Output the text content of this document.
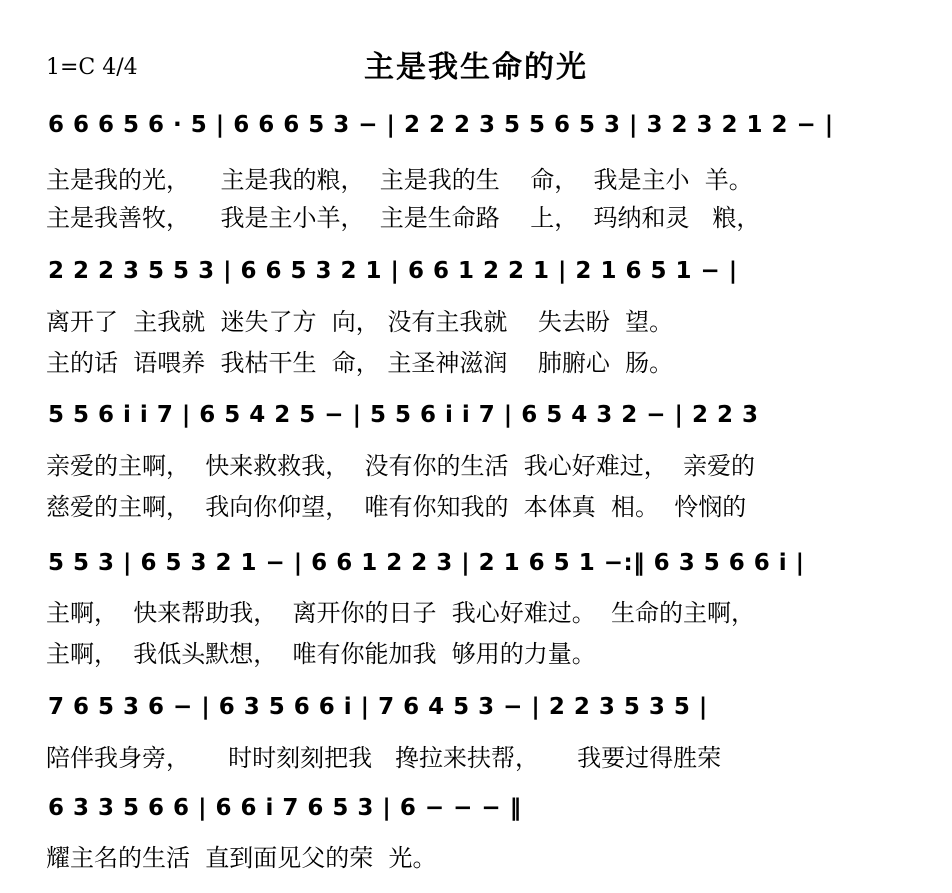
1=C 4/4	主是我生命的光
6 6 6 5 6 · 5 | 6 6 6 5 3 − | 2 2 2 3 5 5 6 5 3 | 3 2 3 2 1 2 − |
主是我的光，    主是我的粮，  主是我的生    命，  我是主小  羊。
主是我善牧，    我是主小羊，  主是生命路    上，  玛纳和灵   粮，
2 2 2 3 5 5 3 | 6 6 5 3 2 1 | 6 6 1 2 2 1 | 2 1 6 5 1 − |
离开了  主我就  迷失了方  向， 没有主我就    失去盼  望。
主的话  语喂养  我枯干生  命， 主圣神滋润    肺腑心  肠。
5 5 6 i i 7 | 6 5 4 2 5 − | 5 5 6 i i 7 | 6 5 4 3 2 − | 2 2 3
亲爱的主啊，  快来救救我，  没有你的生活  我心好难过，  亲爱的
慈爱的主啊，  我向你仰望，  唯有你知我的  本体真  相。  怜悯的
5 5 3 | 6 5 3 2 1 − | 6 6 1 2 2 3 | 2 1 6 5 1 −:‖ 6 3 5 6 6 i |
主啊，  快来帮助我，  离开你的日子  我心好难过。  生命的主啊，
主啊，  我低头默想，  唯有你能加我  够用的力量。
7 6 5 3 6 − | 6 3 5 6 6 i | 7 6 4 5 3 − | 2 2 3 5 3 5 |
陪伴我身旁，     时时刻刻把我   搀拉来扶帮，     我要过得胜荣
6 3 3 5 6 6 | 6 6 i 7 6 5 3 | 6 − − − ‖
耀主名的生活  直到面见父的荣  光。
